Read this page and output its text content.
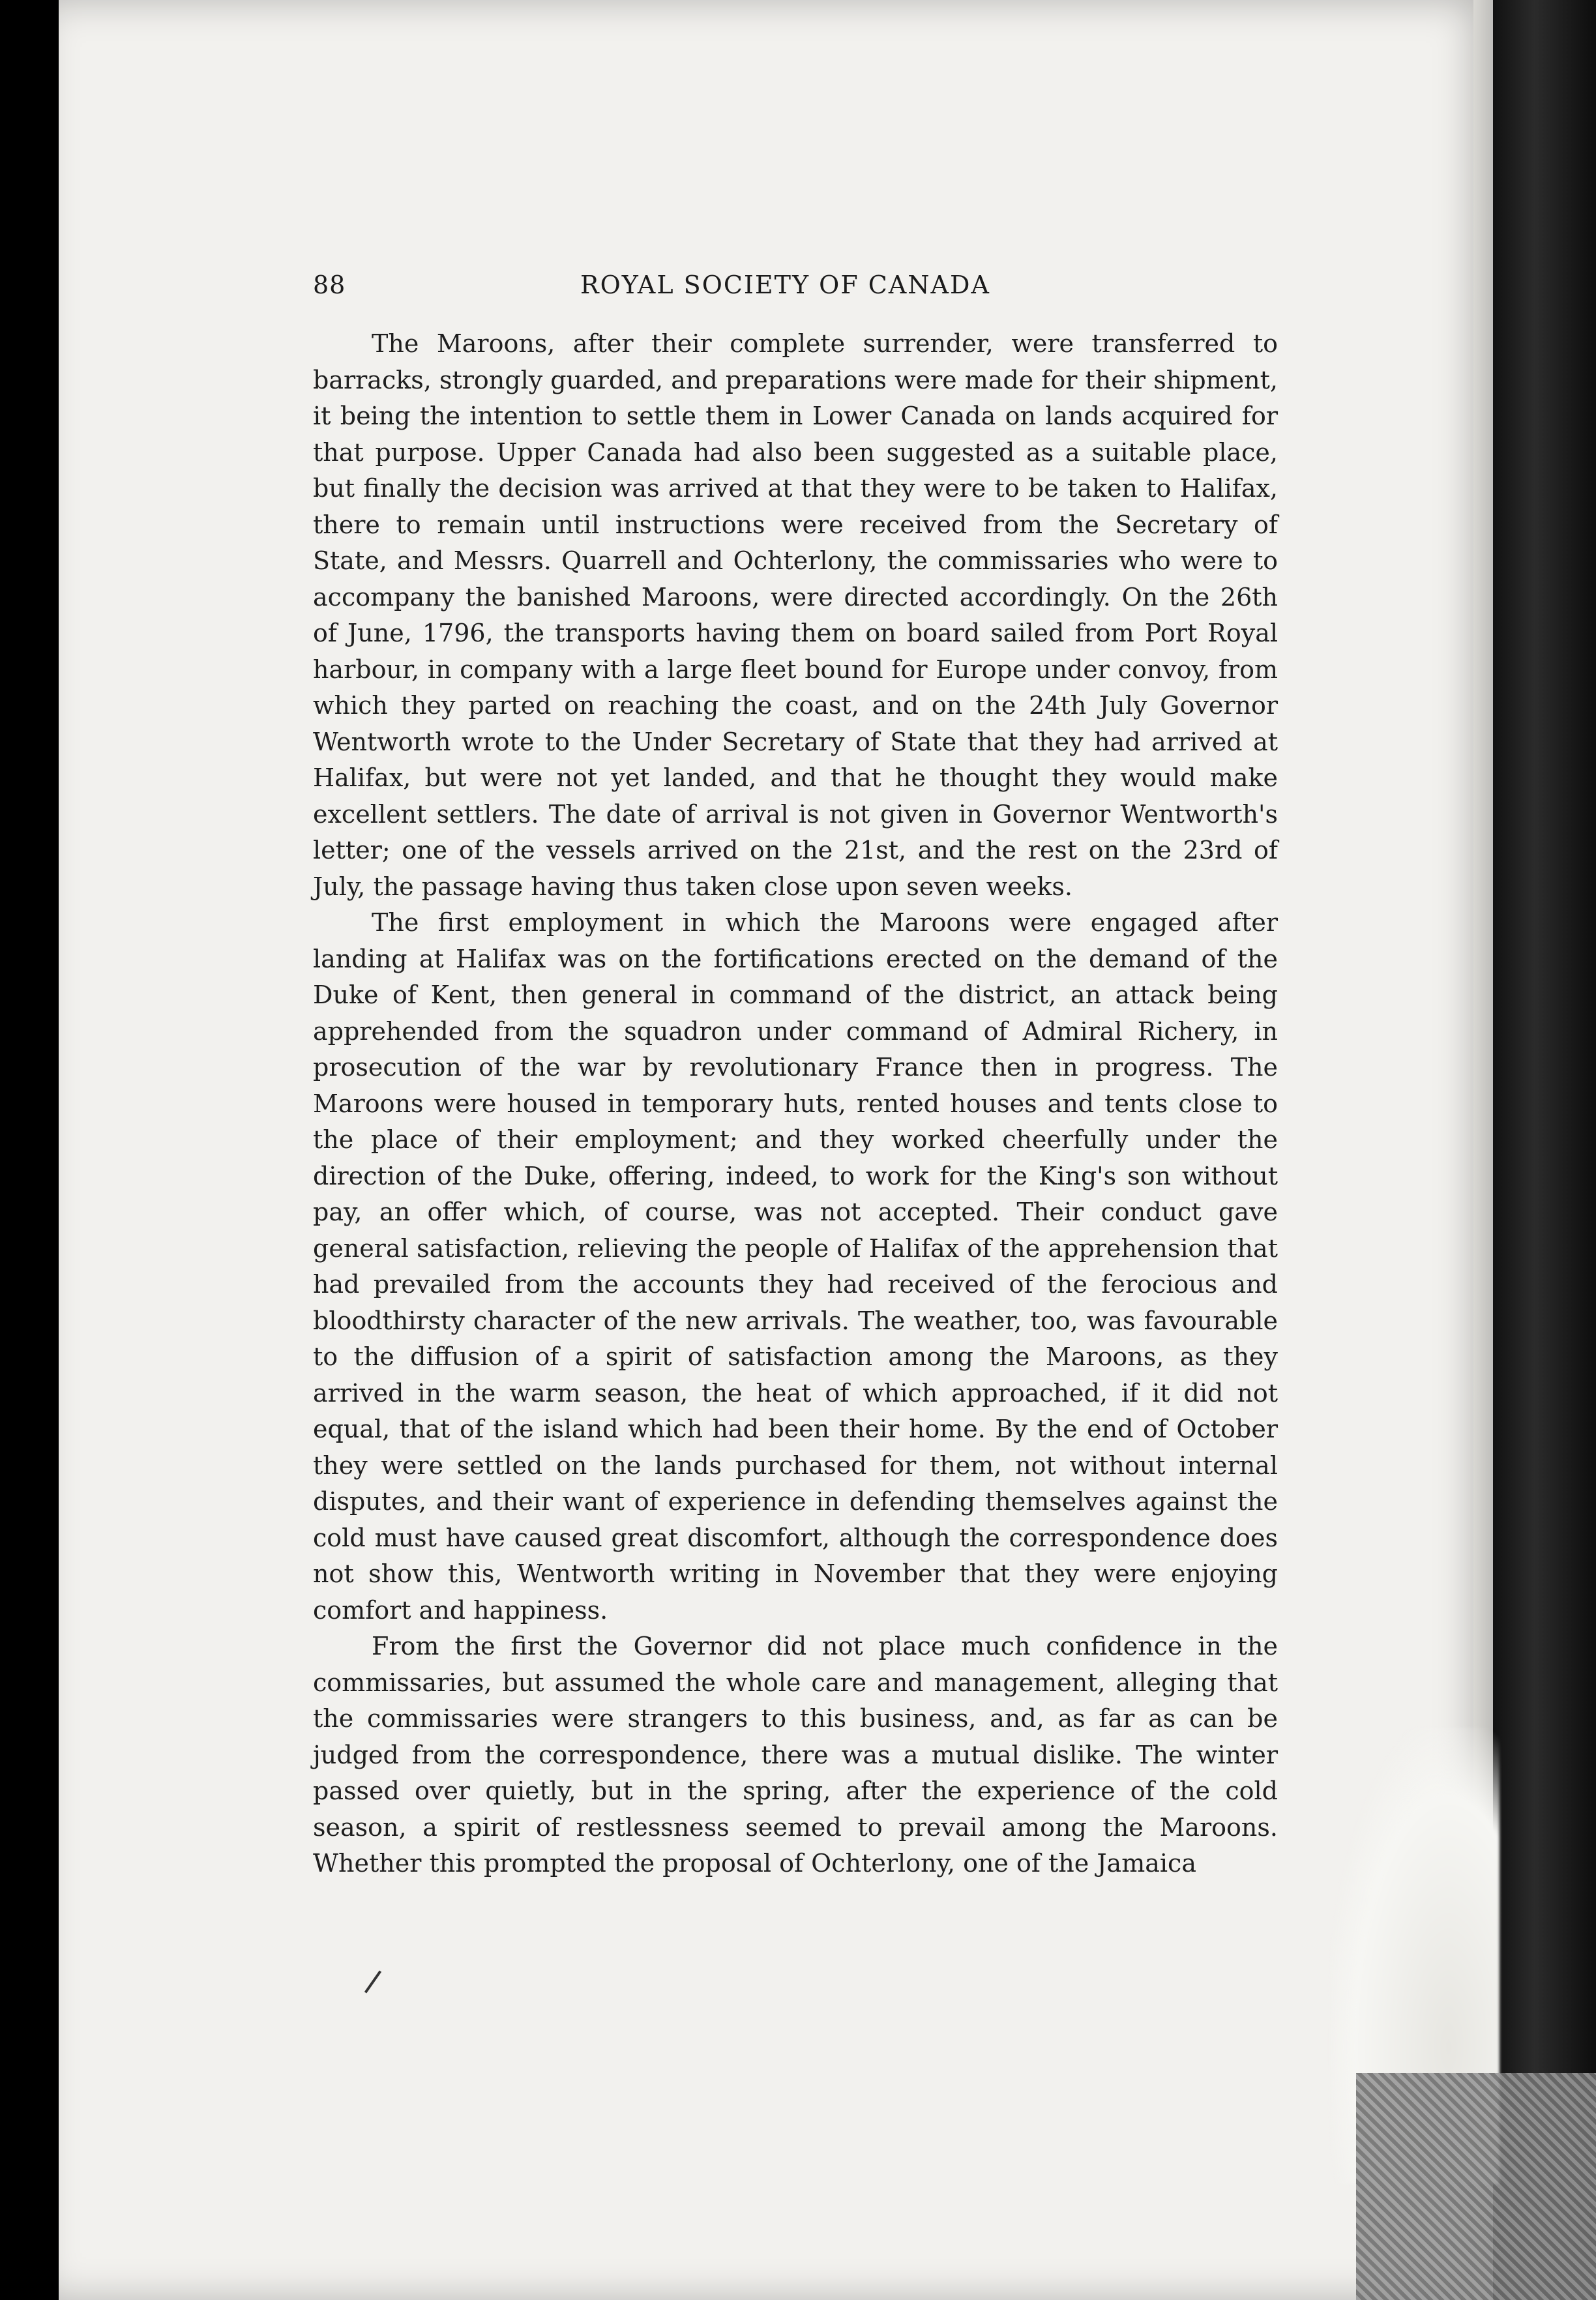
88	ROYAL SOCIETY OF CANADA

The Maroons, after their complete surrender, were transferred to barracks, strongly guarded, and preparations were made for their shipment, it being the intention to settle them in Lower Canada on lands acquired for that purpose. Upper Canada had also been suggested as a suitable place, but finally the decision was arrived at that they were to be taken to Halifax, there to remain until instructions were received from the Secretary of State, and Messrs. Quarrell and Ochterlony, the commissaries who were to accompany the banished Maroons, were directed accordingly. On the 26th of June, 1796, the transports having them on board sailed from Port Royal harbour, in company with a large fleet bound for Europe under convoy, from which they parted on reaching the coast, and on the 24th July Governor Wentworth wrote to the Under Secretary of State that they had arrived at Halifax, but were not yet landed, and that he thought they would make excellent settlers. The date of arrival is not given in Governor Wentworth's letter; one of the vessels arrived on the 21st, and the rest on the 23rd of July, the passage having thus taken close upon seven weeks.

The first employment in which the Maroons were engaged after landing at Halifax was on the fortifications erected on the demand of the Duke of Kent, then general in command of the district, an attack being apprehended from the squadron under command of Admiral Richery, in prosecution of the war by revolutionary France then in progress. The Maroons were housed in temporary huts, rented houses and tents close to the place of their employment; and they worked cheerfully under the direction of the Duke, offering, indeed, to work for the King's son without pay, an offer which, of course, was not accepted. Their conduct gave general satisfaction, relieving the people of Halifax of the apprehension that had prevailed from the accounts they had received of the ferocious and bloodthirsty character of the new arrivals. The weather, too, was favourable to the diffusion of a spirit of satisfaction among the Maroons, as they arrived in the warm season, the heat of which approached, if it did not equal, that of the island which had been their home. By the end of October they were settled on the lands purchased for them, not without internal disputes, and their want of experience in defending themselves against the cold must have caused great discomfort, although the correspondence does not show this, Wentworth writing in November that they were enjoying comfort and happiness.

From the first the Governor did not place much confidence in the commissaries, but assumed the whole care and management, alleging that the commissaries were strangers to this business, and, as far as can be judged from the correspondence, there was a mutual dislike. The winter passed over quietly, but in the spring, after the experience of the cold season, a spirit of restlessness seemed to prevail among the Maroons. Whether this prompted the proposal of Ochterlony, one of the Jamaica
